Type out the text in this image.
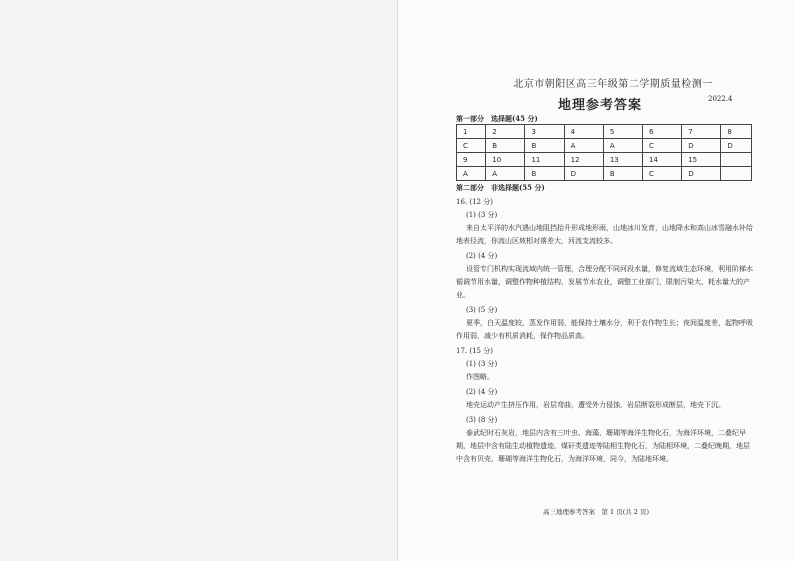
北京市朝阳区高三年级第二学期质量检测一
地理参考答案	2022.4
第一部分　选择题(45 分)
1	2	3	4	5	6	7	8
C	B	B	A	A	C	D	D
9	10	11	12	13	14	15	
A	A	B	D	B	C	D	
第二部分　非选择题(55 分)

16. (12 分)

(1) (3 分)

来自太平洋的水汽遇山地阻挡抬升形成地形雨，山地冰川发育，山地降水和高山冰雪融水补给地表径流，你流山区坡相对落差大，河流支流较多。

(2) (4 分)

设管专门机构实现流域内统一管理，合理分配不同河段水量，修复流域生态环境，利用阶梯水循调节用水量，调整作物种植结构，发展节水农业，调整工业部门，限制污染大、耗水量大的产业。

(3) (5 分)

夏季，白天温度较，蒸发作用弱，能保持土壤水分，利于农作物生长；夜间温度差，起物呼吸作用弱，减少有机质消耗，保作物品质高。

17. (15 分)

(1) (3 分)

作图略。

(2) (4 分)

地壳运动产生挤压作用，岩层弯曲，遭受外力侵蚀，岩层断裂形成断层，地壳下沉。

(3) (8 分)

泰武纪时石灰岩，地层内含有三叶虫、海藻、珊瑚等海洋生物化石，为海洋环境，二叠纪早期，地层中含有陆生动植物遗迹，煤矸类遗迹等陆相生物化石，为陆相环境，二叠纪晚期，地层中含有贝壳、珊瑚等海洋生物化石，为海洋环境，同今，为陆地环境。

高三地理参考答案　第 1 页(共 2 页)
